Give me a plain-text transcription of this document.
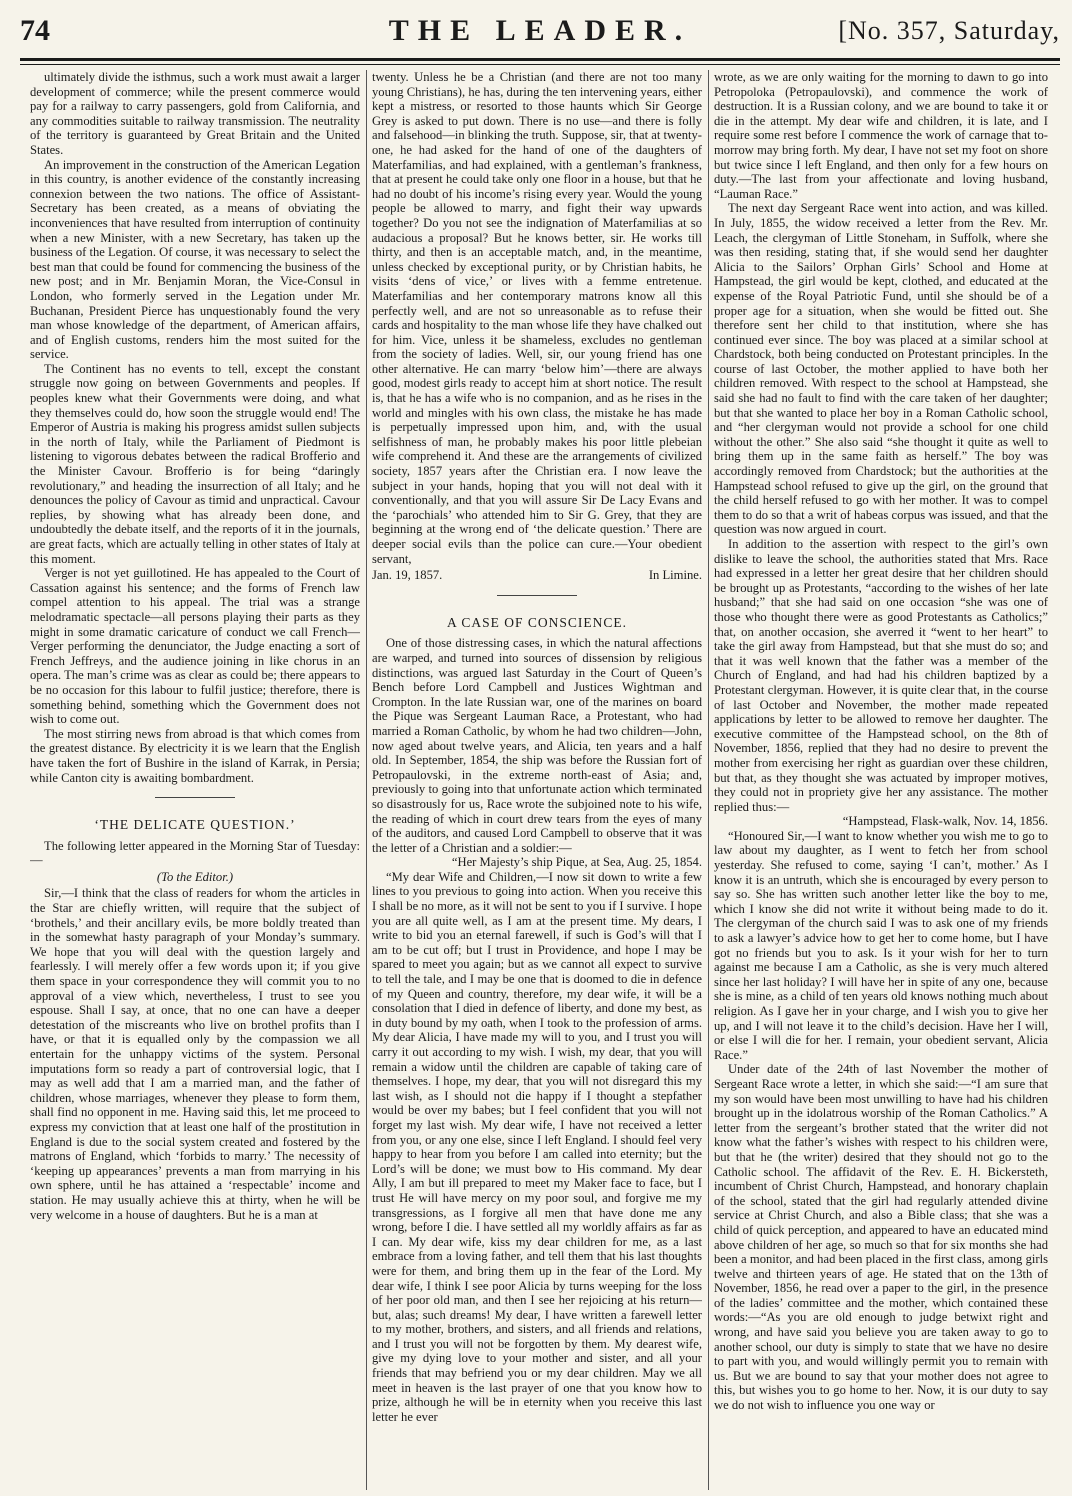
74	THE LEADER.	[No. 357, Saturday,

ultimately divide the isthmus, such a work must await a larger development of commerce; while the present commerce would pay for a railway to carry passengers, gold from California, and any commodities suitable to railway transmission. The neutrality of the territory is guaranteed by Great Britain and the United States.

An improvement in the construction of the American Legation in this country, is another evidence of the constantly increasing connexion between the two nations. The office of Assistant-Secretary has been created, as a means of obviating the inconveniences that have resulted from interruption of continuity when a new Minister, with a new Secretary, has taken up the business of the Legation. Of course, it was necessary to select the best man that could be found for commencing the business of the new post; and in Mr. Benjamin Moran, the Vice-Consul in London, who formerly served in the Legation under Mr. Buchanan, President Pierce has unquestionably found the very man whose knowledge of the department, of American affairs, and of English customs, renders him the most suited for the service.

The Continent has no events to tell, except the constant struggle now going on between Governments and peoples. If peoples knew what their Governments were doing, and what they themselves could do, how soon the struggle would end! The Emperor of Austria is making his progress amidst sullen subjects in the north of Italy, while the Parliament of Piedmont is listening to vigorous debates between the radical Brofferio and the Minister Cavour. Brofferio is for being “daringly revolutionary,” and heading the insurrection of all Italy; and he denounces the policy of Cavour as timid and unpractical. Cavour replies, by showing what has already been done, and undoubtedly the debate itself, and the reports of it in the journals, are great facts, which are actually telling in other states of Italy at this moment.

Verger is not yet guillotined. He has appealed to the Court of Cassation against his sentence; and the forms of French law compel attention to his appeal. The trial was a strange melodramatic spectacle—all persons playing their parts as they might in some dramatic caricature of conduct we call French—Verger performing the denunciator, the Judge enacting a sort of French Jeffreys, and the audience joining in like chorus in an opera. The man’s crime was as clear as could be; there appears to be no occasion for this labour to fulfil justice; therefore, there is something behind, something which the Government does not wish to come out.

The most stirring news from abroad is that which comes from the greatest distance. By electricity it is we learn that the English have taken the fort of Bushire in the island of Karrak, in Persia; while Canton city is awaiting bombardment.

‘THE DELICATE QUESTION.’

The following letter appeared in the Morning Star of Tuesday:—

(To the Editor.)

Sir,—I think that the class of readers for whom the articles in the Star are chiefly written, will require that the subject of ‘brothels,’ and their ancillary evils, be more boldly treated than in the somewhat hasty paragraph of your Monday’s summary. We hope that you will deal with the question largely and fearlessly. I will merely offer a few words upon it; if you give them space in your correspondence they will commit you to no approval of a view which, nevertheless, I trust to see you espouse. Shall I say, at once, that no one can have a deeper detestation of the miscreants who live on brothel profits than I have, or that it is equalled only by the compassion we all entertain for the unhappy victims of the system. Personal imputations form so ready a part of controversial logic, that I may as well add that I am a married man, and the father of children, whose marriages, whenever they please to form them, shall find no opponent in me. Having said this, let me proceed to express my conviction that at least one half of the prostitution in England is due to the social system created and fostered by the matrons of England, which ‘forbids to marry.’ The necessity of ‘keeping up appearances’ prevents a man from marrying in his own sphere, until he has attained a ‘respectable’ income and station. He may usually achieve this at thirty, when he will be very welcome in a house of daughters. But he is a man at

twenty. Unless he be a Christian (and there are not too many young Christians), he has, during the ten intervening years, either kept a mistress, or resorted to those haunts which Sir George Grey is asked to put down. There is no use—and there is folly and falsehood—in blinking the truth. Suppose, sir, that at twenty-one, he had asked for the hand of one of the daughters of Materfamilias, and had explained, with a gentleman’s frankness, that at present he could take only one floor in a house, but that he had no doubt of his income’s rising every year. Would the young people be allowed to marry, and fight their way upwards together? Do you not see the indignation of Materfamilias at so audacious a proposal? But he knows better, sir. He works till thirty, and then is an acceptable match, and, in the meantime, unless checked by exceptional purity, or by Christian habits, he visits ‘dens of vice,’ or lives with a femme entretenue. Materfamilias and her contemporary matrons know all this perfectly well, and are not so unreasonable as to refuse their cards and hospitality to the man whose life they have chalked out for him. Vice, unless it be shameless, excludes no gentleman from the society of ladies. Well, sir, our young friend has one other alternative. He can marry ‘below him’—there are always good, modest girls ready to accept him at short notice. The result is, that he has a wife who is no companion, and as he rises in the world and mingles with his own class, the mistake he has made is perpetually impressed upon him, and, with the usual selfishness of man, he probably makes his poor little plebeian wife comprehend it. And these are the arrangements of civilized society, 1857 years after the Christian era. I now leave the subject in your hands, hoping that you will not deal with it conventionally, and that you will assure Sir De Lacy Evans and the ‘parochials’ who attended him to Sir G. Grey, that they are beginning at the wrong end of ‘the delicate question.’ There are deeper social evils than the police can cure.—Your obedient servant,

Jan. 19, 1857.	In Limine.

A CASE OF CONSCIENCE.

One of those distressing cases, in which the natural affections are warped, and turned into sources of dissension by religious distinctions, was argued last Saturday in the Court of Queen’s Bench before Lord Campbell and Justices Wightman and Crompton. In the late Russian war, one of the marines on board the Pique was Sergeant Lauman Race, a Protestant, who had married a Roman Catholic, by whom he had two children—John, now aged about twelve years, and Alicia, ten years and a half old. In September, 1854, the ship was before the Russian fort of Petropaulovski, in the extreme north-east of Asia; and, previously to going into that unfortunate action which terminated so disastrously for us, Race wrote the subjoined note to his wife, the reading of which in court drew tears from the eyes of many of the auditors, and caused Lord Campbell to observe that it was the letter of a Christian and a soldier:—

“Her Majesty’s ship Pique, at Sea, Aug. 25, 1854.

“My dear Wife and Children,—I now sit down to write a few lines to you previous to going into action. When you receive this I shall be no more, as it will not be sent to you if I survive. I hope you are all quite well, as I am at the present time. My dears, I write to bid you an eternal farewell, if such is God’s will that I am to be cut off; but I trust in Providence, and hope I may be spared to meet you again; but as we cannot all expect to survive to tell the tale, and I may be one that is doomed to die in defence of my Queen and country, therefore, my dear wife, it will be a consolation that I died in defence of liberty, and done my best, as in duty bound by my oath, when I took to the profession of arms. My dear Alicia, I have made my will to you, and I trust you will carry it out according to my wish. I wish, my dear, that you will remain a widow until the children are capable of taking care of themselves. I hope, my dear, that you will not disregard this my last wish, as I should not die happy if I thought a stepfather would be over my babes; but I feel confident that you will not forget my last wish. My dear wife, I have not received a letter from you, or any one else, since I left England. I should feel very happy to hear from you before I am called into eternity; but the Lord’s will be done; we must bow to His command. My dear Ally, I am but ill prepared to meet my Maker face to face, but I trust He will have mercy on my poor soul, and forgive me my transgressions, as I forgive all men that have done me any wrong, before I die. I have settled all my worldly affairs as far as I can. My dear wife, kiss my dear children for me, as a last embrace from a loving father, and tell them that his last thoughts were for them, and bring them up in the fear of the Lord. My dear wife, I think I see poor Alicia by turns weeping for the loss of her poor old man, and then I see her rejoicing at his return—but, alas; such dreams! My dear, I have written a farewell letter to my mother, brothers, and sisters, and all friends and relations, and I trust you will not be forgotten by them. My dearest wife, give my dying love to your mother and sister, and all your friends that may befriend you or my dear children. May we all meet in heaven is the last prayer of one that you know how to prize, although he will be in eternity when you receive this last letter he ever

wrote, as we are only waiting for the morning to dawn to go into Petropoloka (Petropaulovski), and commence the work of destruction. It is a Russian colony, and we are bound to take it or die in the attempt. My dear wife and children, it is late, and I require some rest before I commence the work of carnage that to-morrow may bring forth. My dear, I have not set my foot on shore but twice since I left England, and then only for a few hours on duty.—The last from your affectionate and loving husband, “Lauman Race.”

The next day Sergeant Race went into action, and was killed. In July, 1855, the widow received a letter from the Rev. Mr. Leach, the clergyman of Little Stoneham, in Suffolk, where she was then residing, stating that, if she would send her daughter Alicia to the Sailors’ Orphan Girls’ School and Home at Hampstead, the girl would be kept, clothed, and educated at the expense of the Royal Patriotic Fund, until she should be of a proper age for a situation, when she would be fitted out. She therefore sent her child to that institution, where she has continued ever since. The boy was placed at a similar school at Chardstock, both being conducted on Protestant principles. In the course of last October, the mother applied to have both her children removed. With respect to the school at Hampstead, she said she had no fault to find with the care taken of her daughter; but that she wanted to place her boy in a Roman Catholic school, and “her clergyman would not provide a school for one child without the other.” She also said “she thought it quite as well to bring them up in the same faith as herself.” The boy was accordingly removed from Chardstock; but the authorities at the Hampstead school refused to give up the girl, on the ground that the child herself refused to go with her mother. It was to compel them to do so that a writ of habeas corpus was issued, and that the question was now argued in court.

In addition to the assertion with respect to the girl’s own dislike to leave the school, the authorities stated that Mrs. Race had expressed in a letter her great desire that her children should be brought up as Protestants, “according to the wishes of her late husband;” that she had said on one occasion “she was one of those who thought there were as good Protestants as Catholics;” that, on another occasion, she averred it “went to her heart” to take the girl away from Hampstead, but that she must do so; and that it was well known that the father was a member of the Church of England, and had had his children baptized by a Protestant clergyman. However, it is quite clear that, in the course of last October and November, the mother made repeated applications by letter to be allowed to remove her daughter. The executive committee of the Hampstead school, on the 8th of November, 1856, replied that they had no desire to prevent the mother from exercising her right as guardian over these children, but that, as they thought she was actuated by improper motives, they could not in propriety give her any assistance. The mother replied thus:—

“Hampstead, Flask-walk, Nov. 14, 1856.

“Honoured Sir,—I want to know whether you wish me to go to law about my daughter, as I went to fetch her from school yesterday. She refused to come, saying ‘I can’t, mother.’ As I know it is an untruth, which she is encouraged by every person to say so. She has written such another letter like the boy to me, which I know she did not write it without being made to do it. The clergyman of the church said I was to ask one of my friends to ask a lawyer’s advice how to get her to come home, but I have got no friends but you to ask. Is it your wish for her to turn against me because I am a Catholic, as she is very much altered since her last holiday? I will have her in spite of any one, because she is mine, as a child of ten years old knows nothing much about religion. As I gave her in your charge, and I wish you to give her up, and I will not leave it to the child’s decision. Have her I will, or else I will die for her. I remain, your obedient servant, Alicia Race.”

Under date of the 24th of last November the mother of Sergeant Race wrote a letter, in which she said:—“I am sure that my son would have been most unwilling to have had his children brought up in the idolatrous worship of the Roman Catholics.” A letter from the sergeant’s brother stated that the writer did not know what the father’s wishes with respect to his children were, but that he (the writer) desired that they should not go to the Catholic school. The affidavit of the Rev. E. H. Bickersteth, incumbent of Christ Church, Hampstead, and honorary chaplain of the school, stated that the girl had regularly attended divine service at Christ Church, and also a Bible class; that she was a child of quick perception, and appeared to have an educated mind above children of her age, so much so that for six months she had been a monitor, and had been placed in the first class, among girls twelve and thirteen years of age. He stated that on the 13th of November, 1856, he read over a paper to the girl, in the presence of the ladies’ committee and the mother, which contained these words:—“As you are old enough to judge betwixt right and wrong, and have said you believe you are taken away to go to another school, our duty is simply to state that we have no desire to part with you, and would willingly permit you to remain with us. But we are bound to say that your mother does not agree to this, but wishes you to go home to her. Now, it is our duty to say we do not wish to influence you one way or
